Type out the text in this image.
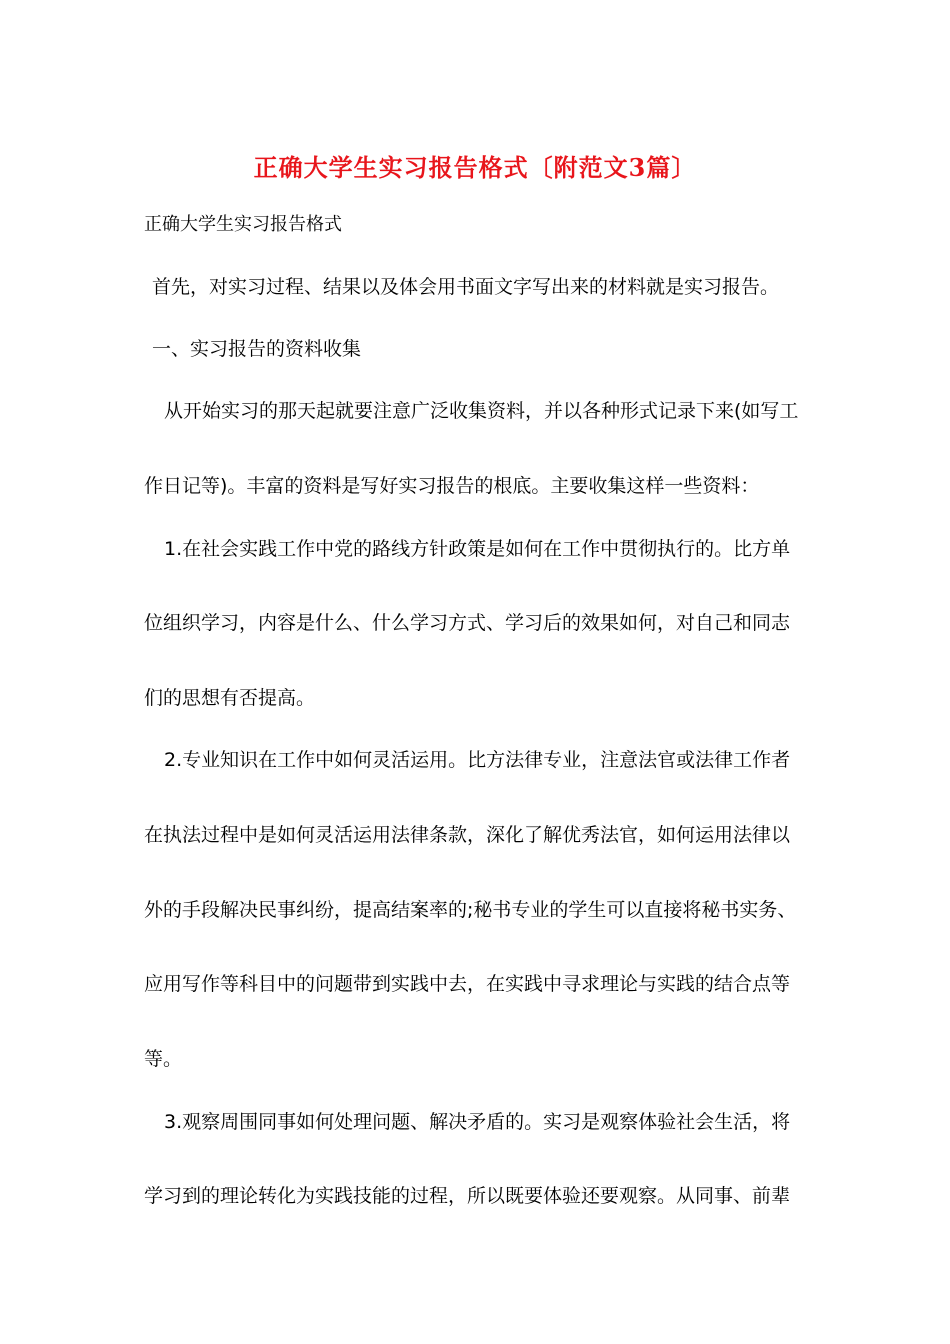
正确大学生实习报告格式〔附范文3篇〕
正确大学生实习报告格式
首先，对实习过程、结果以及体会用书面文字写出来的材料就是实习报告。
一、实习报告的资料收集
从开始实习的那天起就要注意广泛收集资料，并以各种形式记录下来(如写工
作日记等)。丰富的资料是写好实习报告的根底。主要收集这样一些资料：
1.在社会实践工作中党的路线方针政策是如何在工作中贯彻执行的。比方单
位组织学习，内容是什么、什么学习方式、学习后的效果如何，对自己和同志
们的思想有否提高。
2.专业知识在工作中如何灵活运用。比方法律专业，注意法官或法律工作者
在执法过程中是如何灵活运用法律条款，深化了解优秀法官，如何运用法律以
外的手段解决民事纠纷，提高结案率的;秘书专业的学生可以直接将秘书实务、
应用写作等科目中的问题带到实践中去，在实践中寻求理论与实践的结合点等
等。
3.观察周围同事如何处理问题、解决矛盾的。实习是观察体验社会生活，将
学习到的理论转化为实践技能的过程，所以既要体验还要观察。从同事、前辈
